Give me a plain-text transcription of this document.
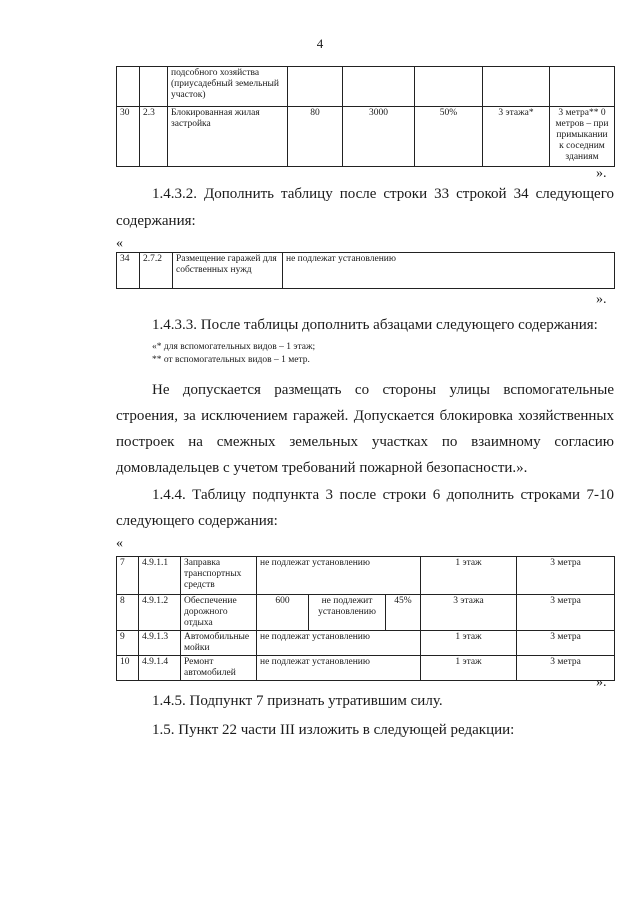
4
		подсобного хозяйства (приусадебный земельный участок)					
30	2.3	Блокированная жилая застройка	80	3000	50%	3 этажа*	3 метра** 0 метров – при примыкании к соседним зданиям
».
1.4.3.2. Дополнить таблицу после строки 33 строкой 34 следующего
содержания:
«
34	2.7.2	Размещение гаражей для собственных нужд	не подлежат установлению
».
1.4.3.3. После таблицы дополнить абзацами следующего содержания:
«* для вспомогательных видов – 1 этаж;
** от вспомогательных видов – 1 метр.
Не допускается размещать со стороны улицы вспомогательные
строения, за исключением гаражей. Допускается блокировка хозяйственных
построек на смежных земельных участках по взаимному согласию
домовладельцев с учетом требований пожарной безопасности.».
1.4.4. Таблицу подпункта 3 после строки 6 дополнить строками 7-10
следующего содержания:
«
7	4.9.1.1	Заправка транспортных средств	не подлежат установлению			1 этаж	3 метра
8	4.9.1.2	Обеспечение дорожного отдыха	600	не подлежит установлению	45%	3 этажа	3 метра
9	4.9.1.3	Автомобильные мойки	не подлежат установлению			1 этаж	3 метра
10	4.9.1.4	Ремонт автомобилей	не подлежат установлению			1 этаж	3 метра
».
1.4.5. Подпункт 7 признать утратившим силу.
1.5. Пункт 22 части III изложить в следующей редакции:
